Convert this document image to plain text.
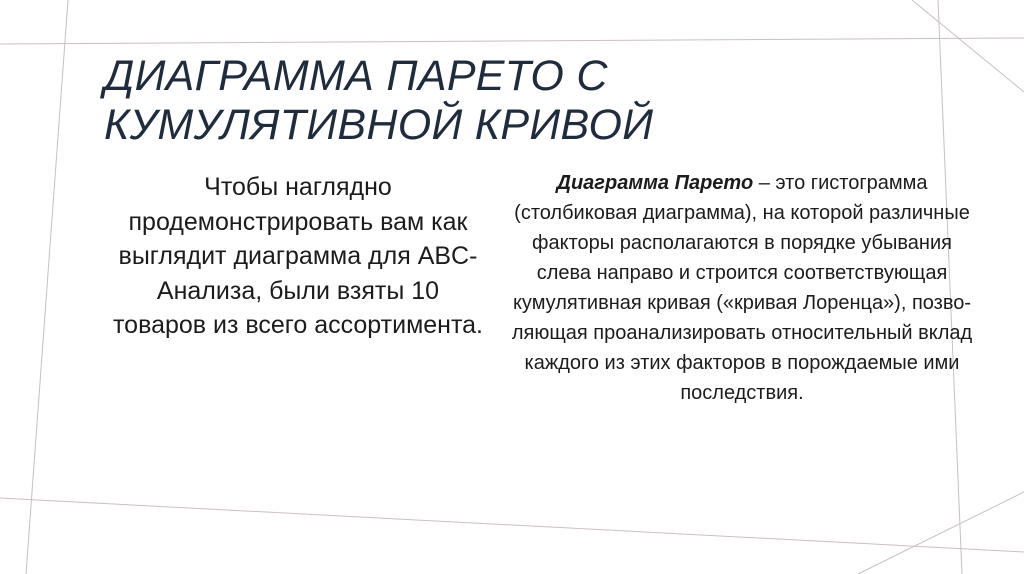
ДИАГРАММА ПАРЕТО С
КУМУЛЯТИВНОЙ КРИВОЙ

Чтобы наглядно продемонстрировать вам как выглядит диаграмма для ABC-Анализа, были взяты 10 товаров из всего ассортимента.

Диаграмма Парето – это гистограмма (столбиковая диаграмма), на которой различные факторы располагаются в порядке убывания слева направо и строится соответствующая кумулятивная кривая («кривая Лоренца»), позво-ляющая проанализировать относительный вклад каждого из этих факторов в порождаемые ими последствия.
